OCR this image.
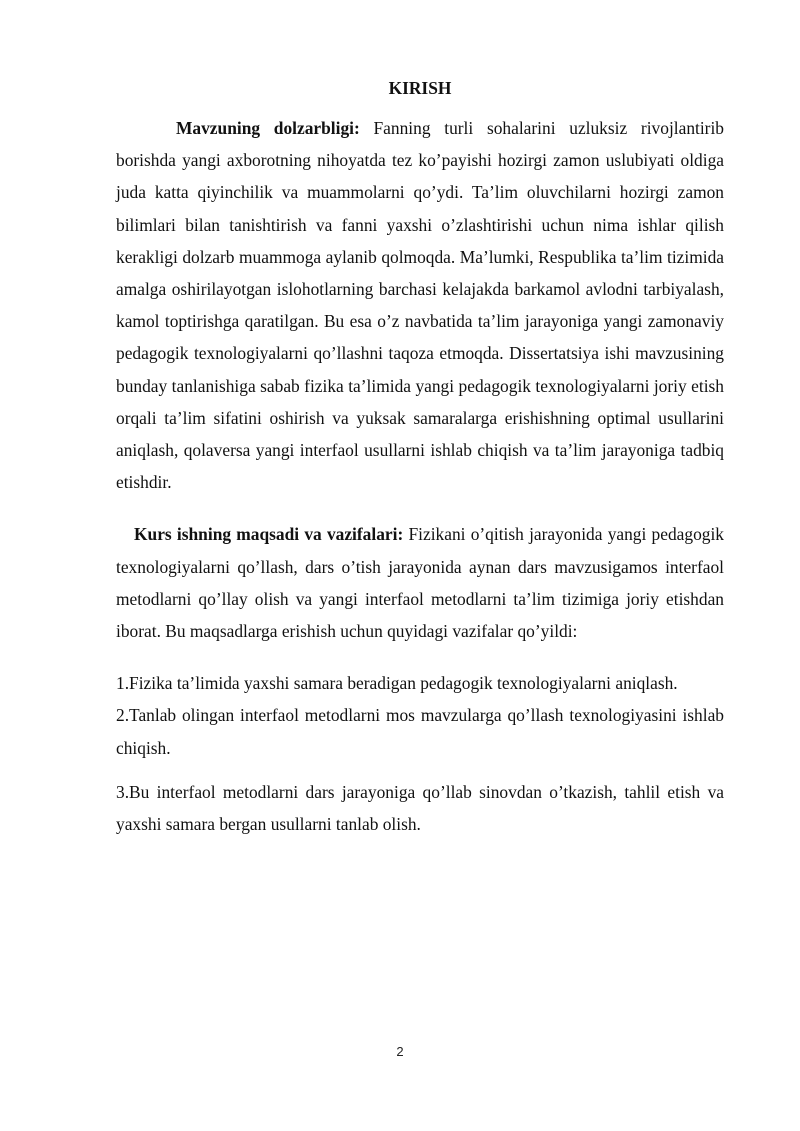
KIRISH

Mavzuning dolzarbligi: Fanning turli sohalarini uzluksiz rivojlantirib borishda yangi axborotning nihoyatda tez ko’payishi hozirgi zamon uslubiyati oldiga juda katta qiyinchilik va muammolarni qo’ydi. Ta’lim oluvchilarni hozirgi zamon bilimlari bilan tanishtirish va fanni yaxshi o’zlashtirishi uchun nima ishlar qilish kerakligi dolzarb muammoga aylanib qolmoqda. Ma’lumki, Respublika ta’lim tizimida amalga oshirilayotgan islohotlarning barchasi kelajakda barkamol avlodni tarbiyalash, kamol toptirishga qaratilgan. Bu esa o’z navbatida ta’lim jarayoniga yangi zamonaviy pedagogik texnologiyalarni qo’llashni taqoza etmoqda. Dissertatsiya ishi mavzusining bunday tanlanishiga sabab fizika ta’limida yangi pedagogik texnologiyalarni joriy etish orqali ta’lim sifatini oshirish va yuksak samaralarga erishishning optimal usullarini aniqlash, qolaversa yangi interfaol usullarni ishlab chiqish va ta’lim jarayoniga tadbiq etishdir.

Kurs ishning maqsadi va vazifalari: Fizikani o’qitish jarayonida yangi pedagogik texnologiyalarni qo’llash, dars o’tish jarayonida aynan dars mavzusigamos interfaol metodlarni qo’llay olish va yangi interfaol metodlarni ta’lim tizimiga joriy etishdan iborat. Bu maqsadlarga erishish uchun quyidagi vazifalar qo’yildi:

1.Fizika ta’limida yaxshi samara beradigan pedagogik texnologiyalarni aniqlash.

2.Tanlab olingan interfaol metodlarni mos mavzularga qo’llash texnologiyasini ishlab chiqish.

3.Bu interfaol metodlarni dars jarayoniga qo’llab sinovdan o’tkazish, tahlil etish va yaxshi samara bergan usullarni tanlab olish.

2
